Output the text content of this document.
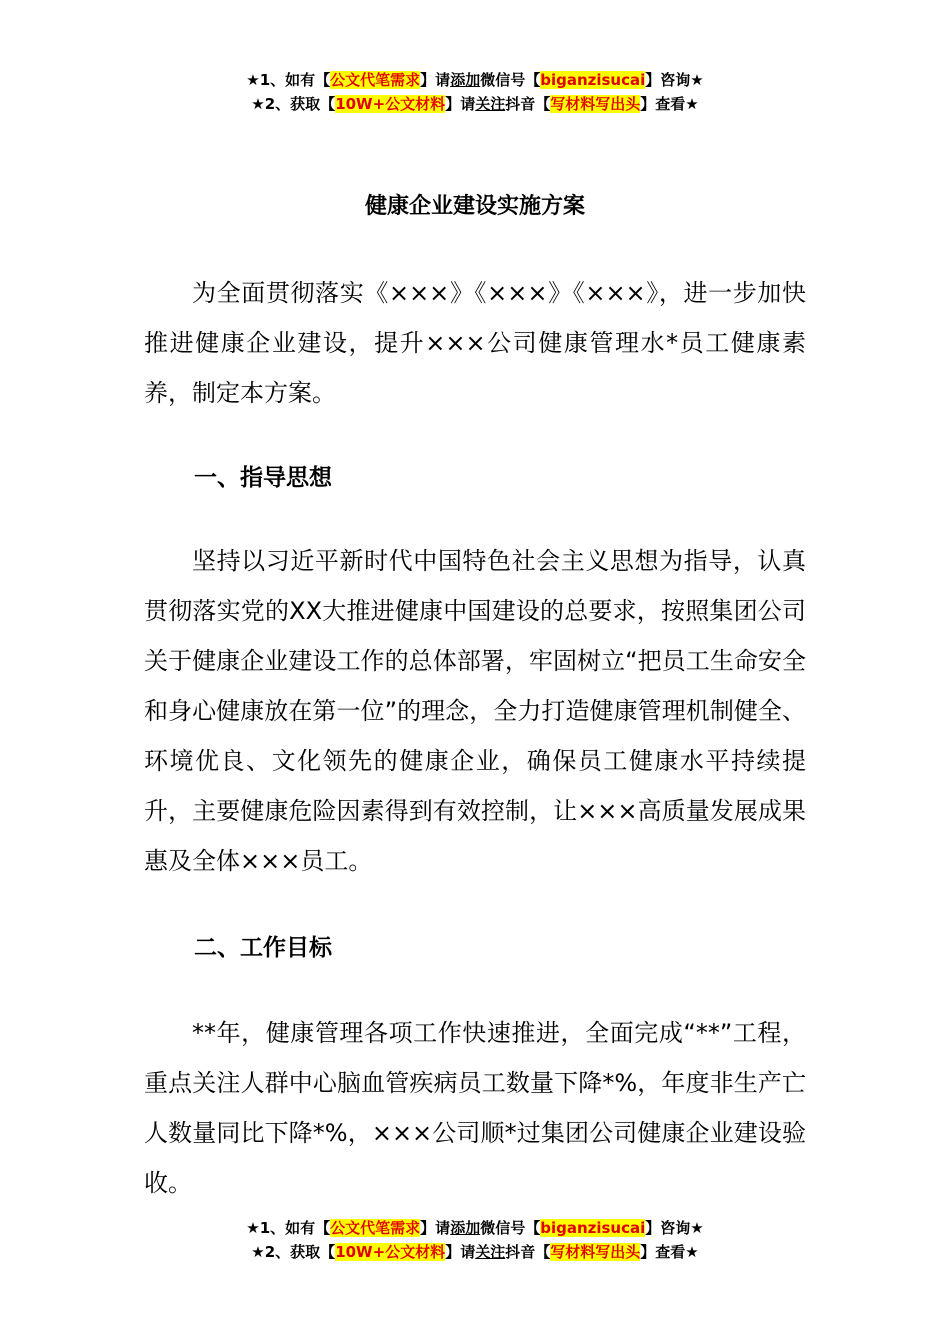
★1、如有【公文代笔需求】请添加微信号【biganzisucai】咨询★
★2、获取【10W+公文材料】请关注抖音【写材料写出头】查看★
健康企业建设实施方案

为全面贯彻落实《×××》《×××》《×××》，进一步加快推进健康企业建设，提升×××公司健康管理水*员工健康素养，制定本方案。

一、指导思想

坚持以习近平新时代中国特色社会主义思想为指导，认真贯彻落实党的XX大推进健康中国建设的总要求，按照集团公司关于健康企业建设工作的总体部署，牢固树立“把员工生命安全和身心健康放在第一位”的理念，全力打造健康管理机制健全、环境优良、文化领先的健康企业，确保员工健康水平持续提升，主要健康危险因素得到有效控制，让×××高质量发展成果惠及全体×××员工。

二、工作目标

**年，健康管理各项工作快速推进，全面完成“**”工程，重点关注人群中心脑血管疾病员工数量下降*%，年度非生产亡人数量同比下降*%，×××公司顺*过集团公司健康企业建设验收。

★1、如有【公文代笔需求】请添加微信号【biganzisucai】咨询★
★2、获取【10W+公文材料】请关注抖音【写材料写出头】查看★
